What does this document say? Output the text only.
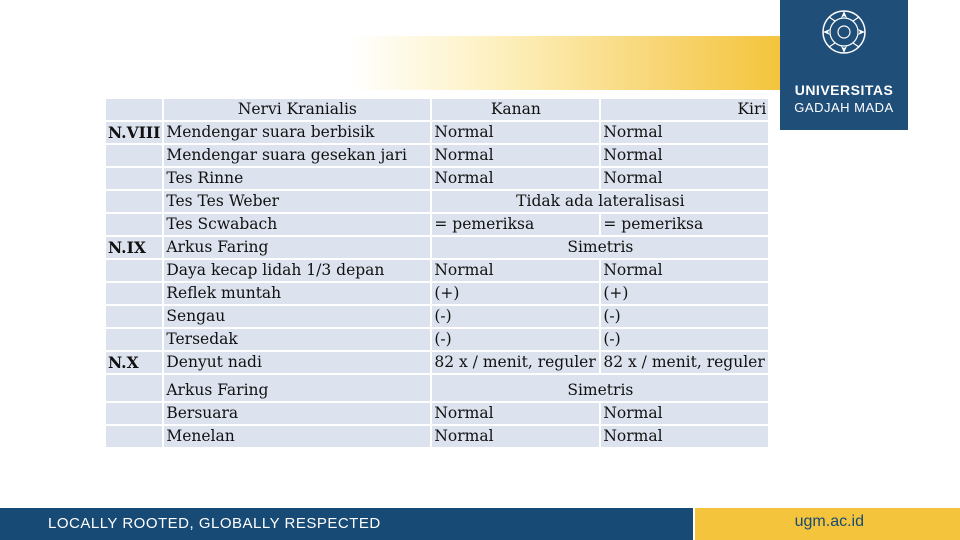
UNIVERSITAS
GADJAH MADA
	Nervi Kranialis	Kanan	Kiri
N.VIII	Mendengar suara berbisik	Normal	Normal
	Mendengar suara gesekan jari	Normal	Normal
	Tes Rinne	Normal	Normal
	Tes Tes Weber	Tidak ada lateralisasi	
	Tes Scwabach	= pemeriksa	= pemeriksa
N.IX	Arkus Faring	Simetris	
	Daya kecap lidah 1/3 depan	Normal	Normal
	Reflek muntah	(+)	(+)
	Sengau	(-)	(-)
	Tersedak	(-)	(-)
N.X	Denyut nadi	82 x / menit, reguler	82 x / menit, reguler
	Arkus Faring	Simetris	
	Bersuara	Normal	Normal
	Menelan	Normal	Normal
LOCALLY ROOTED, GLOBALLY RESPECTED	ugm.ac.id
